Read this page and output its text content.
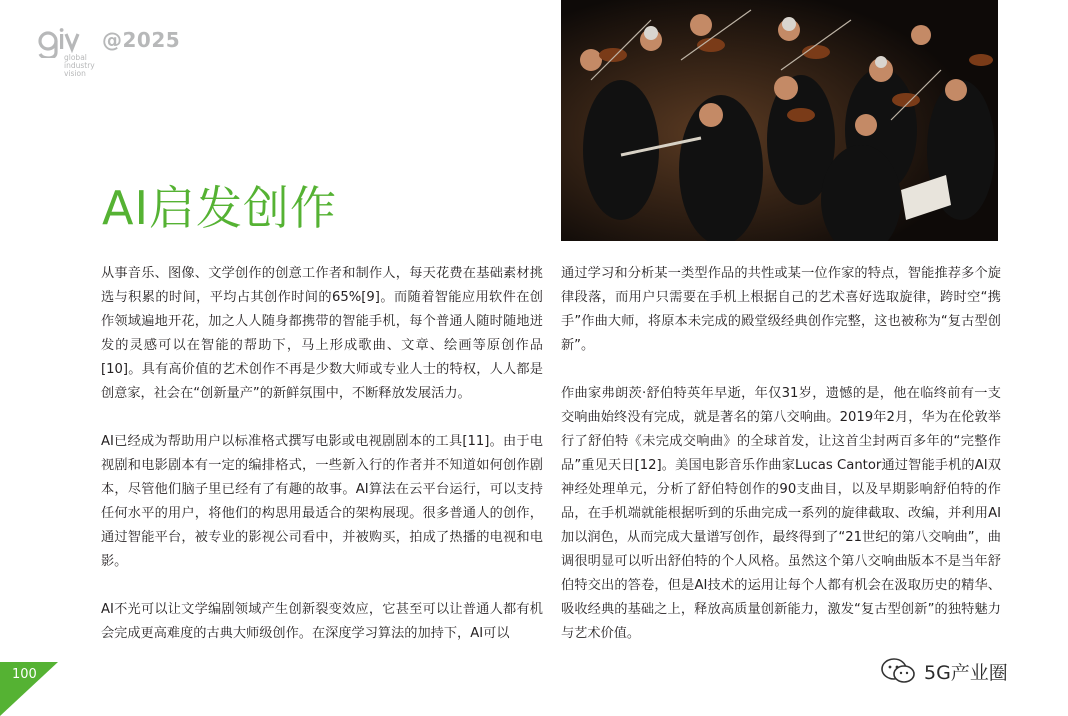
@2025
global
industry
vision
AI启发创作

从事音乐、图像、文学创作的创意工作者和制作人，每天花费在基础素材挑选与积累的时间，平均占其创作时间的65%[9]。而随着智能应用软件在创作领域遍地开花，加之人人随身都携带的智能手机，每个普通人随时随地迸发的灵感可以在智能的帮助下，马上形成歌曲、文章、绘画等原创作品[10]。具有高价值的艺术创作不再是少数大师或专业人士的特权，人人都是创意家，社会在“创新量产”的新鲜氛围中，不断释放发展活力。

AI已经成为帮助用户以标准格式撰写电影或电视剧剧本的工具[11]。由于电视剧和电影剧本有一定的编排格式，一些新入行的作者并不知道如何创作剧本，尽管他们脑子里已经有了有趣的故事。AI算法在云平台运行，可以支持任何水平的用户，将他们的构思用最适合的架构展现。很多普通人的创作，通过智能平台，被专业的影视公司看中，并被购买，拍成了热播的电视和电影。

AI不光可以让文学编剧领域产生创新裂变效应，它甚至可以让普通人都有机会完成更高难度的古典大师级创作。在深度学习算法的加持下，AI可以

通过学习和分析某一类型作品的共性或某一位作家的特点，智能推荐多个旋律段落，而用户只需要在手机上根据自己的艺术喜好选取旋律，跨时空“携手”作曲大师，将原本未完成的殿堂级经典创作完整，这也被称为“复古型创新”。

作曲家弗朗茨·舒伯特英年早逝，年仅31岁，遗憾的是，他在临终前有一支交响曲始终没有完成，就是著名的第八交响曲。2019年2月，华为在伦敦举行了舒伯特《未完成交响曲》的全球首发，让这首尘封两百多年的“完整作品”重见天日[12]。美国电影音乐作曲家Lucas Cantor通过智能手机的AI双神经处理单元，分析了舒伯特创作的90支曲目，以及早期影响舒伯特的作品，在手机端就能根据听到的乐曲完成一系列的旋律截取、改编，并利用AI加以润色，从而完成大量谱写创作，最终得到了“21世纪的第八交响曲”，曲调很明显可以听出舒伯特的个人风格。虽然这个第八交响曲版本不是当年舒伯特交出的答卷，但是AI技术的运用让每个人都有机会在汲取历史的精华、吸收经典的基础之上，释放高质量创新能力，激发“复古型创新”的独特魅力与艺术价值。

100	5G产业圈
